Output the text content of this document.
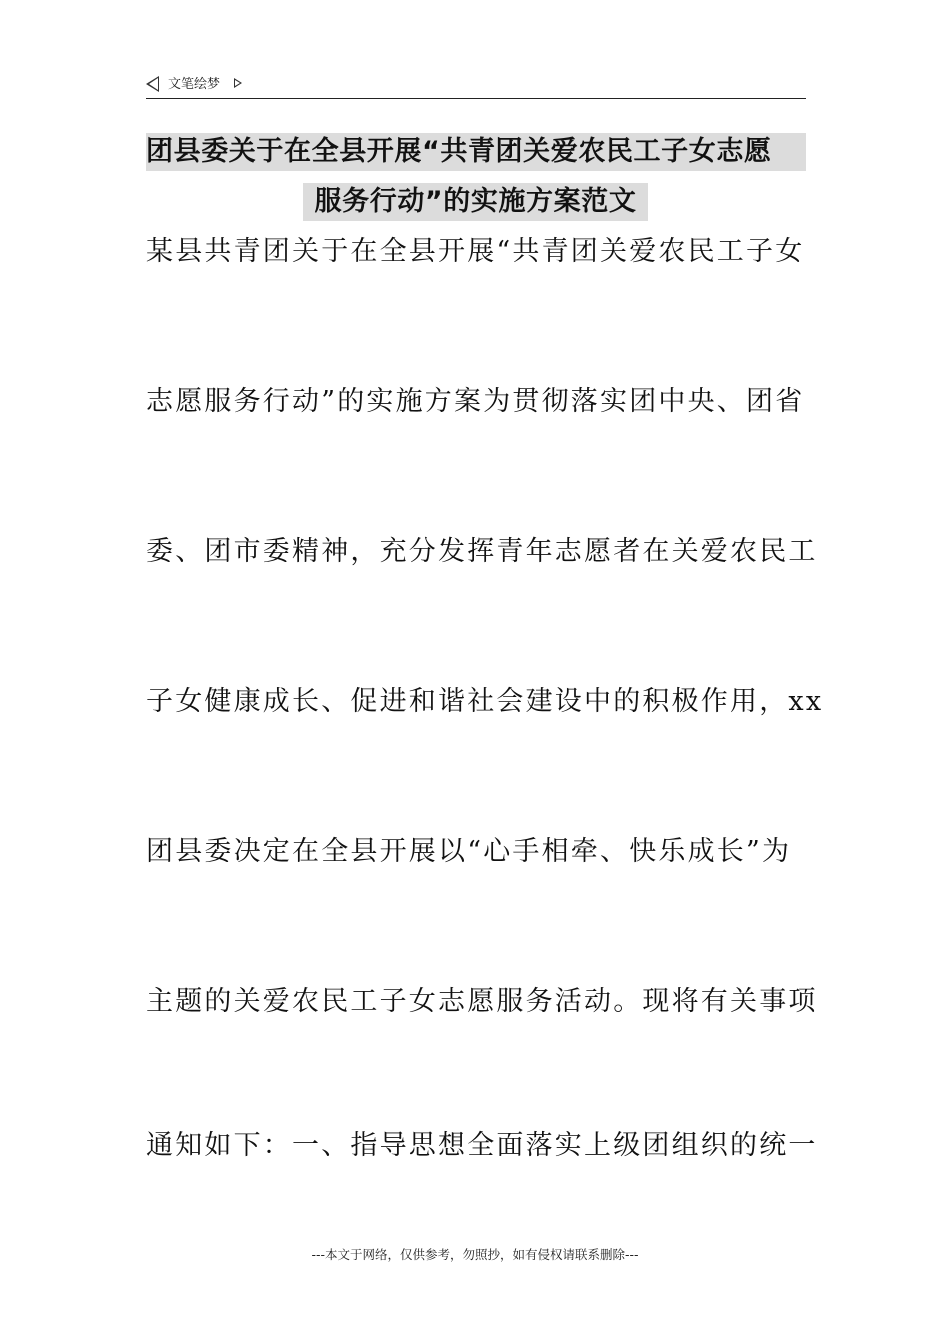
文笔绘梦
团县委关于在全县开展“共青团关爱农民工子女志愿
服务行动”的实施方案范文
某县共青团关于在全县开展“共青团关爱农民工子女
志愿服务行动”的实施方案为贯彻落实团中央、团省
委、团市委精神，充分发挥青年志愿者在关爱农民工
子女健康成长、促进和谐社会建设中的积极作用，xx
团县委决定在全县开展以“心手相牵、快乐成长”为
主题的关爱农民工子女志愿服务活动。现将有关事项
通知如下：一、指导思想全面落实上级团组织的统一
---本文于网络，仅供参考，勿照抄，如有侵权请联系删除---
